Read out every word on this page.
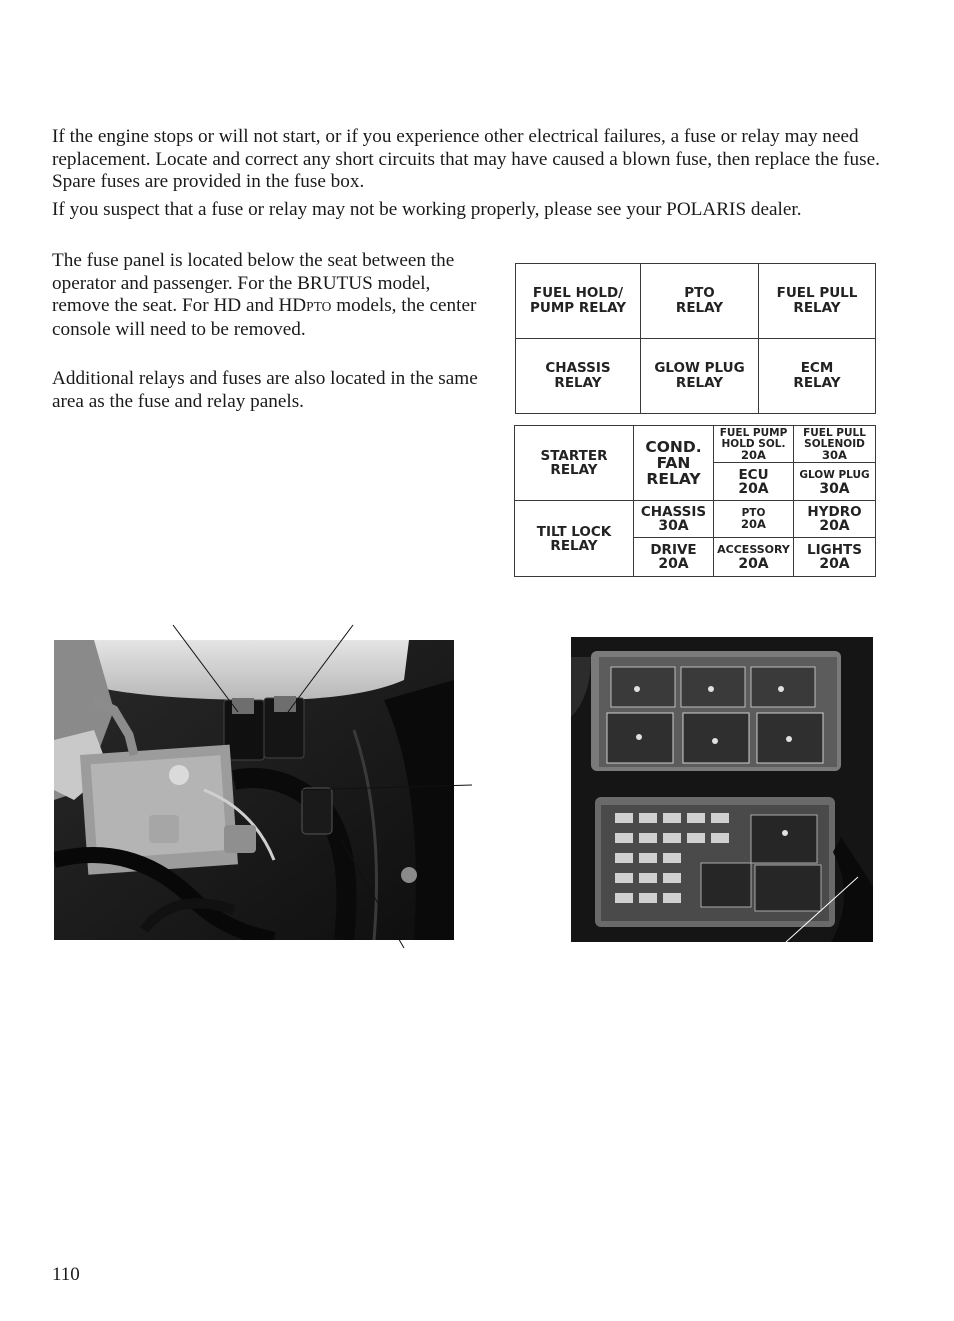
If the engine stops or will not start, or if you experience other electrical failures, a fuse or relay may need replacement. Locate and correct any short circuits that may have caused a blown fuse, then replace the fuse. Spare fuses are provided in the fuse box.

If you suspect that a fuse or relay may not be working properly, please see your POLARIS dealer.

The fuse panel is located below the seat between the operator and passenger. For the BRUTUS model, remove the seat. For HD and HDPTO models, the center console will need to be removed.

Additional relays and fuses are also located in the same area as the fuse and relay panels.

FUEL HOLD/
PUMP RELAY
PTO
RELAY
FUEL PULL
RELAY
CHASSIS
RELAY
GLOW PLUG
RELAY
ECM
RELAY
STARTER
RELAY
COND.
FAN
RELAY
FUEL PUMP
HOLD SOL.
20A
FUEL PULL
SOLENOID
30A
ECU
20A
GLOW PLUG
30A
TILT LOCK
RELAY
CHASSIS
30A
PTO
20A
HYDRO
20A
DRIVE
20A
ACCESSORY
20A
LIGHTS
20A
110
